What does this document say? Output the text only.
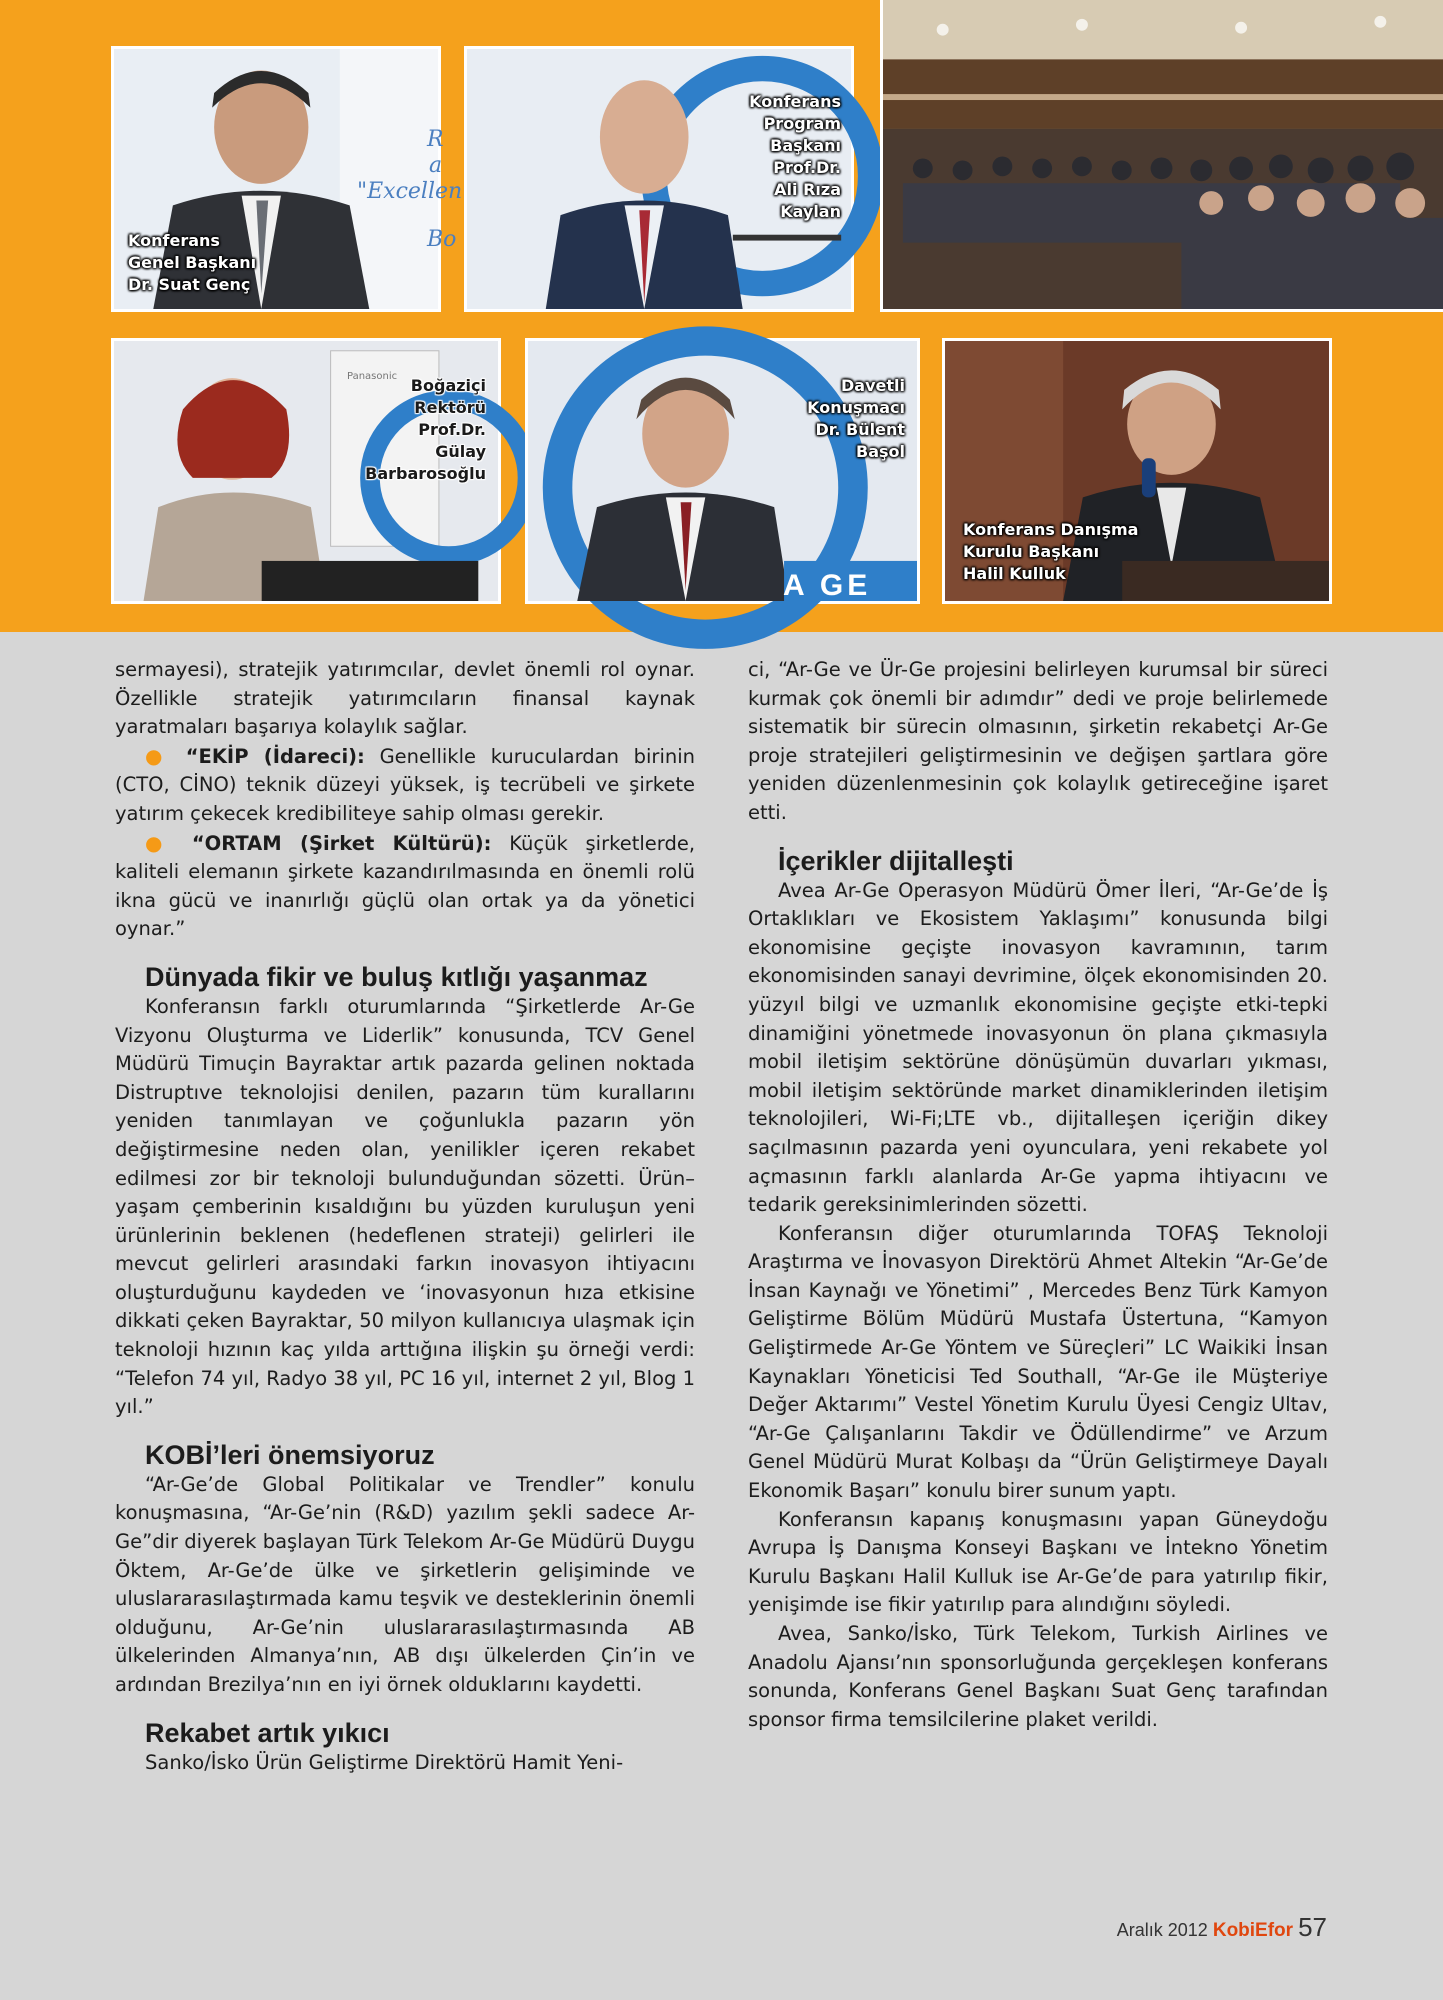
R
a
"Excellen
Bo
Konferans
Genel Başkanı
Dr. Suat Genç
Konferans
Program
Başkanı
Prof.Dr.
Ali Rıza
Kaylan
Panasonic Boğaziçi
Rektörü
Prof.Dr.
Gülay
Barbarosoğlu
A GE
Davetli
Konuşmacı
Dr. Bülent
Başol
Konferans Danışma
Kurulu Başkanı
Halil Kulluk

sermayesi), stratejik yatırımcılar, devlet önemli rol oynar. Özellikle stratejik yatırımcıların finansal kaynak yaratmaları başarıya kolaylık sağlar.

● “EKİP (İdareci): Genellikle kuruculardan birinin (CTO, CİNO) teknik düzeyi yüksek, iş tecrübeli ve şirkete yatırım çekecek kredibiliteye sahip olması gerekir.

● “ORTAM (Şirket Kültürü): Küçük şirketlerde, kaliteli elemanın şirkete kazandırılmasında en önemli rolü ikna gücü ve inanırlığı güçlü olan ortak ya da yönetici oynar.”

Dünyada fikir ve buluş kıtlığı yaşanmaz

Konferansın farklı oturumlarında “Şirketlerde Ar-Ge Vizyonu Oluşturma ve Liderlik” konusunda, TCV Genel Müdürü Timuçin Bayraktar artık pazarda gelinen noktada Distruptıve teknolojisi denilen, pazarın tüm kurallarını yeniden tanımlayan ve çoğunlukla pazarın yön değiştirmesine neden olan, yenilikler içeren rekabet edilmesi zor bir teknoloji bulunduğundan sözetti. Ürün–yaşam çemberinin kısaldığını bu yüzden kuruluşun yeni ürünlerinin beklenen (hedeflenen strateji) gelirleri ile mevcut gelirleri arasındaki farkın inovasyon ihtiyacını oluşturduğunu kaydeden ve ‘inovasyonun hıza etkisine dikkati çeken Bayraktar, 50 milyon kullanıcıya ulaşmak için teknoloji hızının kaç yılda arttığına ilişkin şu örneği verdi: “Telefon 74 yıl, Radyo 38 yıl, PC 16 yıl, internet 2 yıl, Blog 1 yıl.”

KOBİ’leri önemsiyoruz

“Ar-Ge’de Global Politikalar ve Trendler” konulu konuşmasına, “Ar-Ge’nin (R&D) yazılım şekli sadece Ar-Ge”dir diyerek başlayan Türk Telekom Ar-Ge Müdürü Duygu Öktem, Ar-Ge’de ülke ve şirketlerin gelişiminde ve uluslararasılaştırmada kamu teşvik ve desteklerinin önemli olduğunu, Ar-Ge’nin uluslararasılaştırmasında AB ülkelerinden Almanya’nın, AB dışı ülkelerden Çin’in ve ardından Brezilya’nın en iyi örnek olduklarını kaydetti.

Rekabet artık yıkıcı

Sanko/İsko Ürün Geliştirme Direktörü Hamit Yeni-

ci, “Ar-Ge ve Ür-Ge projesini belirleyen kurumsal bir süreci kurmak çok önemli bir adımdır” dedi ve proje belirlemede sistematik bir sürecin olmasının, şirketin rekabetçi Ar-Ge proje stratejileri geliştirmesinin ve değişen şartlara göre yeniden düzenlenmesinin çok kolaylık getireceğine işaret etti.

İçerikler dijitalleşti

Avea Ar-Ge Operasyon Müdürü Ömer İleri, “Ar-Ge’de İş Ortaklıkları ve Ekosistem Yaklaşımı” konusunda bilgi ekonomisine geçişte inovasyon kavramının, tarım ekonomisinden sanayi devrimine, ölçek ekonomisinden 20. yüzyıl bilgi ve uzmanlık ekonomisine geçişte etki-tepki dinamiğini yönetmede inovasyonun ön plana çıkmasıyla mobil iletişim sektörüne dönüşümün duvarları yıkması, mobil iletişim sektöründe market dinamiklerinden iletişim teknolojileri, Wi-Fi;LTE vb., dijitalleşen içeriğin dikey saçılmasının pazarda yeni oyunculara, yeni rekabete yol açmasının farklı alanlarda Ar-Ge yapma ihtiyacını ve tedarik gereksinimlerinden sözetti.

Konferansın diğer oturumlarında TOFAŞ Teknoloji Araştırma ve İnovasyon Direktörü Ahmet Altekin “Ar-Ge’de İnsan Kaynağı ve Yönetimi” , Mercedes Benz Türk Kamyon Geliştirme Bölüm Müdürü Mustafa Üstertuna, “Kamyon Geliştirmede Ar-Ge Yöntem ve Süreçleri” LC Waikiki İnsan Kaynakları Yöneticisi Ted Southall, “Ar-Ge ile Müşteriye Değer Aktarımı” Vestel Yönetim Kurulu Üyesi Cengiz Ultav, “Ar-Ge Çalışanlarını Takdir ve Ödüllendirme” ve Arzum Genel Müdürü Murat Kolbaşı da “Ürün Geliştirmeye Dayalı Ekonomik Başarı” konulu birer sunum yaptı.

Konferansın kapanış konuşmasını yapan Güneydoğu Avrupa İş Danışma Konseyi Başkanı ve İntekno Yönetim Kurulu Başkanı Halil Kulluk ise Ar-Ge’de para yatırılıp fikir, yenişimde ise fikir yatırılıp para alındığını söyledi.

Avea, Sanko/İsko, Türk Telekom, Turkish Airlines ve Anadolu Ajansı’nın sponsorluğunda gerçekleşen konferans sonunda, Konferans Genel Başkanı Suat Genç tarafından sponsor firma temsilcilerine plaket verildi.

Aralık 2012 KobiEfor 57
